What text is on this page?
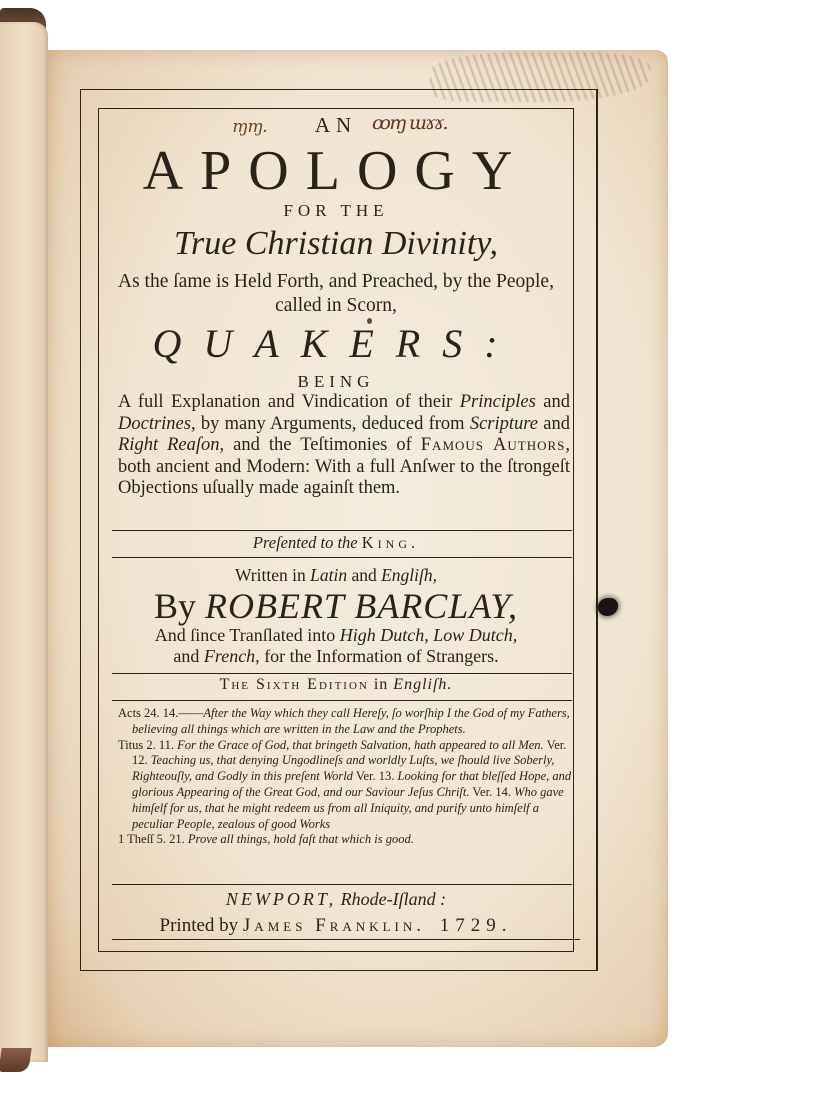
ɱɱ.	ꝏɱ ɯɤɤ.
AN
APOLOGY
FOR THE
True Christian Divinity,
As the ſame is Held Forth, and Preached, by the People, called in Scorn,
QUAKERS:
BEING
A full Explanation and Vindication of their Principles and Doctrines, by many Arguments, deduced from Scripture and Right Reaſon, and the Teſtimonies of Famous Authors, both ancient and Modern: With a full Anſwer to the ſtrongeſt Objections uſually made againſt them.
Preſented to the King.
Written in Latin and Engliſh,
By ROBERT BARCLAY,
And ſince Tranſlated into High Dutch, Low Dutch,
and French, for the Information of Strangers.
The Sixth Edition in Engliſh.
Acts 24. 14.——After the Way which they call Hereſy, ſo worſhip I the God of my Fathers, believing all things which are written in the Law and the Prophets.
Titus 2. 11. For the Grace of God, that bringeth Salvation, hath appeared to all Men. Ver. 12. Teaching us, that denying Ungodlineſs and worldly Luſts, we ſhould live Soberly, Righteouſly, and Godly in this preſent World Ver. 13. Looking for that bleſſed Hope, and glorious Appearing of the Great God, and our Saviour Jeſus Chriſt. Ver. 14. Who gave himſelf for us, that he might redeem us from all Iniquity, and purify unto himſelf a peculiar People, zealous of good Works
1 Theſſ 5. 21. Prove all things, hold faſt that which is good.
NEWPORT, Rhode-Iſland :
Printed by James Franklin. 1729.
